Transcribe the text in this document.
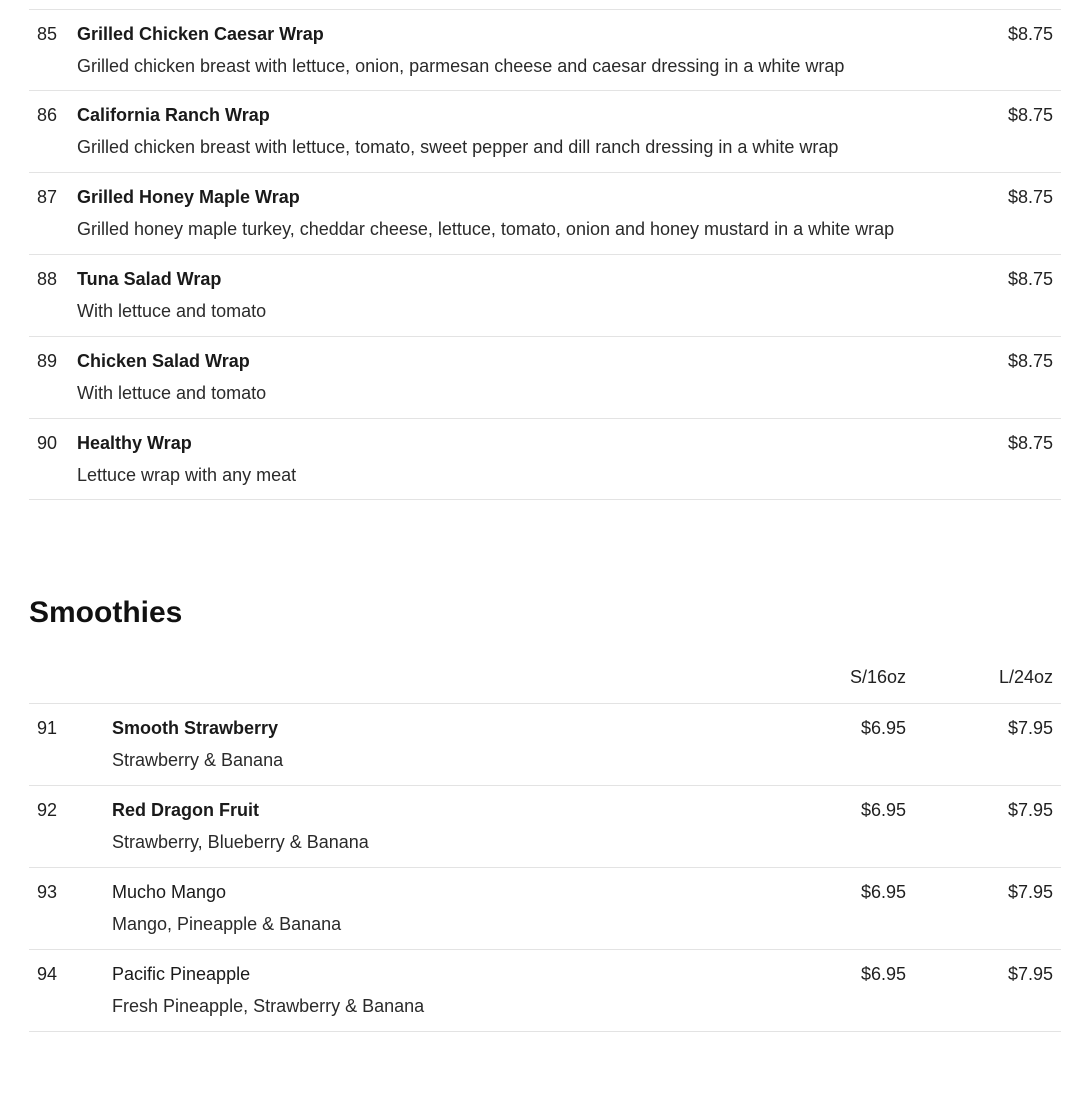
85	Grilled Chicken Caesar Wrap
Grilled chicken breast with lettuce, onion, parmesan cheese and caesar dressing in a white wrap
$8.75
86	California Ranch Wrap
Grilled chicken breast with lettuce, tomato, sweet pepper and dill ranch dressing in a white wrap
$8.75
87	Grilled Honey Maple Wrap
Grilled honey maple turkey, cheddar cheese, lettuce, tomato, onion and honey mustard in a white wrap
$8.75
88	Tuna Salad Wrap
With lettuce and tomato
$8.75
89	Chicken Salad Wrap
With lettuce and tomato
$8.75
90	Healthy Wrap
Lettuce wrap with any meat
$8.75
Smoothies
S/16oz	L/24oz
91	Smooth Strawberry
Strawberry & Banana
$6.95	$7.95
92	Red Dragon Fruit
Strawberry, Blueberry & Banana
$6.95	$7.95
93	Mucho Mango
Mango, Pineapple & Banana
$6.95	$7.95
94	Pacific Pineapple
Fresh Pineapple, Strawberry & Banana
$6.95	$7.95
